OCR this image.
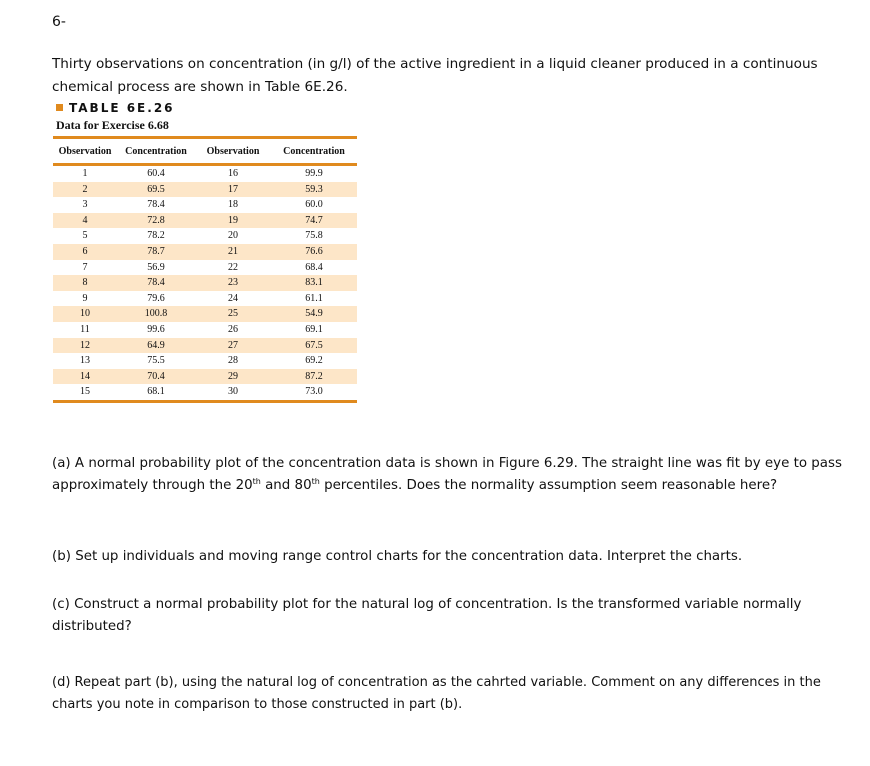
6-
Thirty observations on concentration (in g/l) of the active ingredient in a liquid cleaner produced in a continuous chemical process are shown in Table 6E.26.
TABLE 6E.26
Data for Exercise 6.68
Observation	Concentration	Observation	Concentration
1	60.4	16	99.9
2	69.5	17	59.3
3	78.4	18	60.0
4	72.8	19	74.7
5	78.2	20	75.8
6	78.7	21	76.6
7	56.9	22	68.4
8	78.4	23	83.1
9	79.6	24	61.1
10	100.8	25	54.9
11	99.6	26	69.1
12	64.9	27	67.5
13	75.5	28	69.2
14	70.4	29	87.2
15	68.1	30	73.0
(a) A normal probability plot of the concentration data is shown in Figure 6.29. The straight line was fit by eye to pass approximately through the 20th and 80th percentiles. Does the normality assumption seem reasonable here?
(b) Set up individuals and moving range control charts for the concentration data. Interpret the charts.
(c) Construct a normal probability plot for the natural log of concentration. Is the transformed variable normally distributed?
(d) Repeat part (b), using the natural log of concentration as the cahrted variable. Comment on any differences in the charts you note in comparison to those constructed in part (b).
